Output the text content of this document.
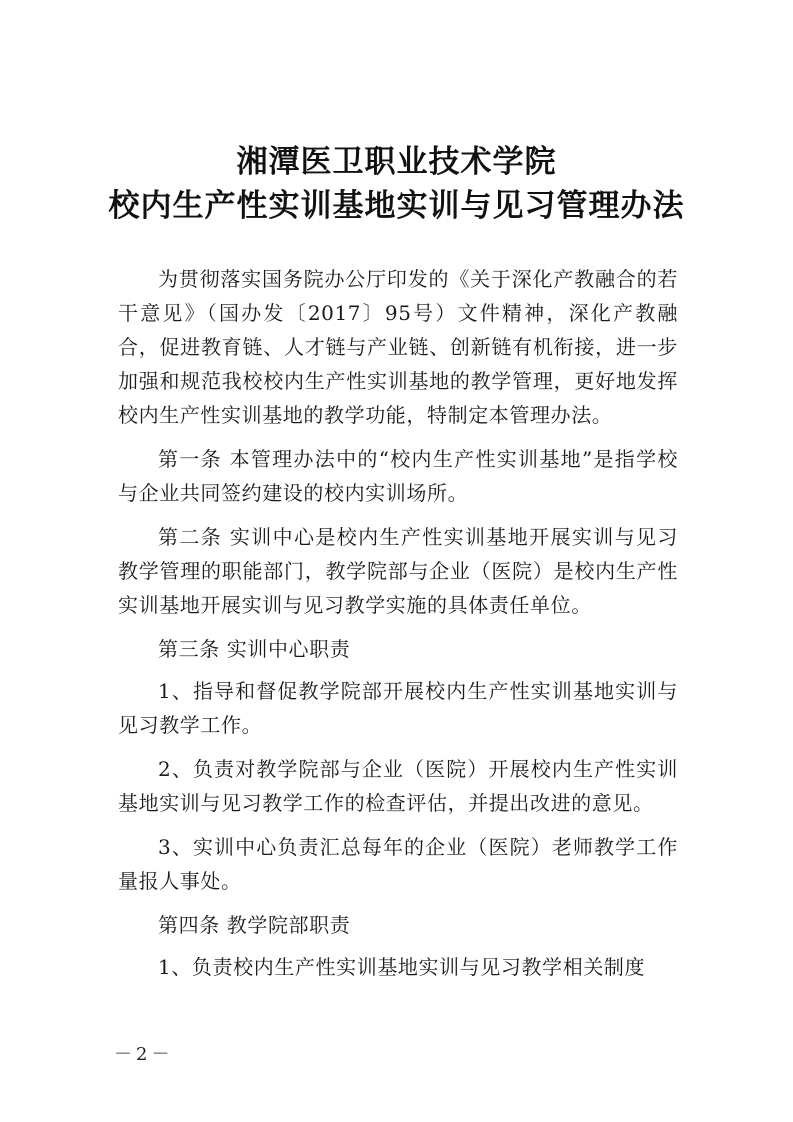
湘潭医卫职业技术学院
校内生产性实训基地实训与见习管理办法

为贯彻落实国务院办公厅印发的《关于深化产教融合的若干意见》（国办发〔2017〕95号）文件精神，深化产教融合，促进教育链、人才链与产业链、创新链有机衔接，进一步加强和规范我校校内生产性实训基地的教学管理，更好地发挥校内生产性实训基地的教学功能，特制定本管理办法。

第一条 本管理办法中的“校内生产性实训基地”是指学校与企业共同签约建设的校内实训场所。

第二条 实训中心是校内生产性实训基地开展实训与见习教学管理的职能部门，教学院部与企业（医院）是校内生产性实训基地开展实训与见习教学实施的具体责任单位。

第三条 实训中心职责

1、指导和督促教学院部开展校内生产性实训基地实训与见习教学工作。

2、负责对教学院部与企业（医院）开展校内生产性实训基地实训与见习教学工作的检查评估，并提出改进的意见。

3、实训中心负责汇总每年的企业（医院）老师教学工作量报人事处。

第四条 教学院部职责

1、负责校内生产性实训基地实训与见习教学相关制度

－2－
